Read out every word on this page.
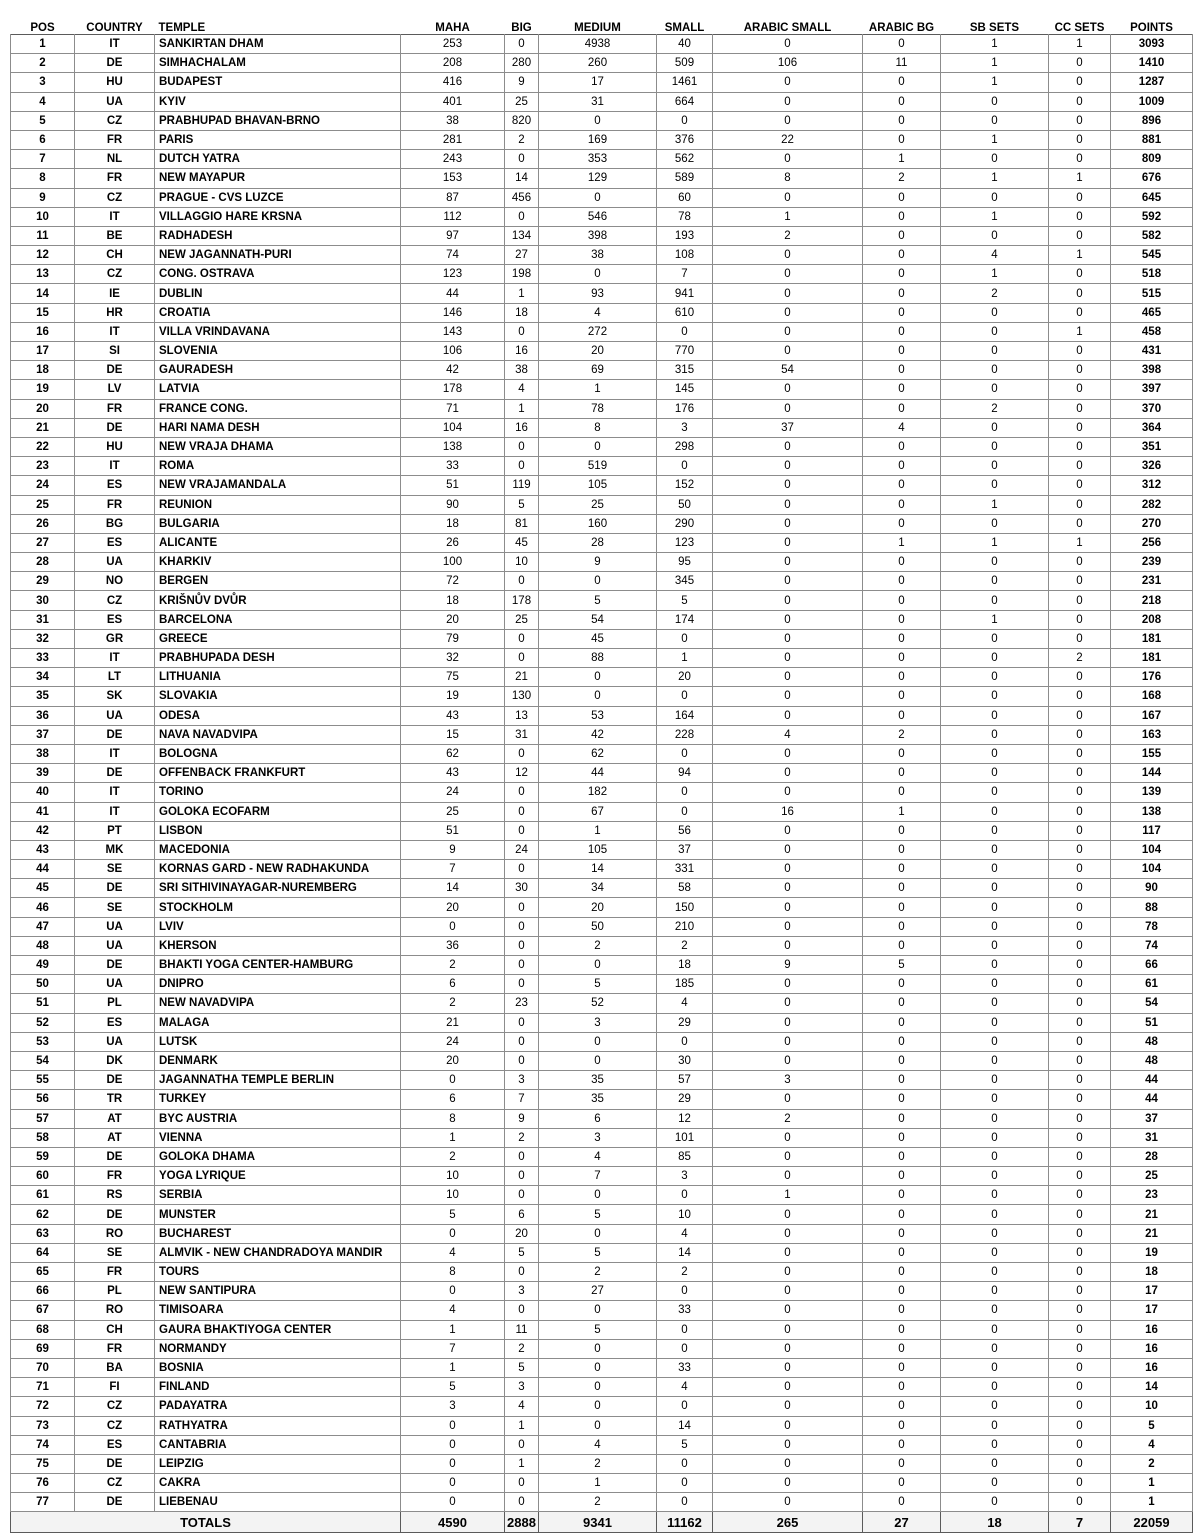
POS	COUNTRY	TEMPLE	MAHA	BIG	MEDIUM	SMALL	ARABIC SMALL	ARABIC BG	SB SETS	CC SETS	POINTS
1	IT	SANKIRTAN DHAM	253	0	4938	40	0	0	1	1	3093
2	DE	SIMHACHALAM	208	280	260	509	106	11	1	0	1410
3	HU	BUDAPEST	416	9	17	1461	0	0	1	0	1287
4	UA	KYIV	401	25	31	664	0	0	0	0	1009
5	CZ	PRABHUPAD BHAVAN-BRNO	38	820	0	0	0	0	0	0	896
6	FR	PARIS	281	2	169	376	22	0	1	0	881
7	NL	DUTCH YATRA	243	0	353	562	0	1	0	0	809
8	FR	NEW MAYAPUR	153	14	129	589	8	2	1	1	676
9	CZ	PRAGUE - CVS LUZCE	87	456	0	60	0	0	0	0	645
10	IT	VILLAGGIO HARE KRSNA	112	0	546	78	1	0	1	0	592
11	BE	RADHADESH	97	134	398	193	2	0	0	0	582
12	CH	NEW JAGANNATH-PURI	74	27	38	108	0	0	4	1	545
13	CZ	CONG. OSTRAVA	123	198	0	7	0	0	1	0	518
14	IE	DUBLIN	44	1	93	941	0	0	2	0	515
15	HR	CROATIA	146	18	4	610	0	0	0	0	465
16	IT	VILLA VRINDAVANA	143	0	272	0	0	0	0	1	458
17	SI	SLOVENIA	106	16	20	770	0	0	0	0	431
18	DE	GAURADESH	42	38	69	315	54	0	0	0	398
19	LV	LATVIA	178	4	1	145	0	0	0	0	397
20	FR	FRANCE CONG.	71	1	78	176	0	0	2	0	370
21	DE	HARI NAMA DESH	104	16	8	3	37	4	0	0	364
22	HU	NEW VRAJA DHAMA	138	0	0	298	0	0	0	0	351
23	IT	ROMA	33	0	519	0	0	0	0	0	326
24	ES	NEW VRAJAMANDALA	51	119	105	152	0	0	0	0	312
25	FR	REUNION	90	5	25	50	0	0	1	0	282
26	BG	BULGARIA	18	81	160	290	0	0	0	0	270
27	ES	ALICANTE	26	45	28	123	0	1	1	1	256
28	UA	KHARKIV	100	10	9	95	0	0	0	0	239
29	NO	BERGEN	72	0	0	345	0	0	0	0	231
30	CZ	KRIŠNŮV DVŮR	18	178	5	5	0	0	0	0	218
31	ES	BARCELONA	20	25	54	174	0	0	1	0	208
32	GR	GREECE	79	0	45	0	0	0	0	0	181
33	IT	PRABHUPADA DESH	32	0	88	1	0	0	0	2	181
34	LT	LITHUANIA	75	21	0	20	0	0	0	0	176
35	SK	SLOVAKIA	19	130	0	0	0	0	0	0	168
36	UA	ODESA	43	13	53	164	0	0	0	0	167
37	DE	NAVA NAVADVIPA	15	31	42	228	4	2	0	0	163
38	IT	BOLOGNA	62	0	62	0	0	0	0	0	155
39	DE	OFFENBACK FRANKFURT	43	12	44	94	0	0	0	0	144
40	IT	TORINO	24	0	182	0	0	0	0	0	139
41	IT	GOLOKA ECOFARM	25	0	67	0	16	1	0	0	138
42	PT	LISBON	51	0	1	56	0	0	0	0	117
43	MK	MACEDONIA	9	24	105	37	0	0	0	0	104
44	SE	KORNAS GARD - NEW RADHAKUNDA	7	0	14	331	0	0	0	0	104
45	DE	SRI SITHIVINAYAGAR-NUREMBERG	14	30	34	58	0	0	0	0	90
46	SE	STOCKHOLM	20	0	20	150	0	0	0	0	88
47	UA	LVIV	0	0	50	210	0	0	0	0	78
48	UA	KHERSON	36	0	2	2	0	0	0	0	74
49	DE	BHAKTI YOGA CENTER-HAMBURG	2	0	0	18	9	5	0	0	66
50	UA	DNIPRO	6	0	5	185	0	0	0	0	61
51	PL	NEW NAVADVIPA	2	23	52	4	0	0	0	0	54
52	ES	MALAGA	21	0	3	29	0	0	0	0	51
53	UA	LUTSK	24	0	0	0	0	0	0	0	48
54	DK	DENMARK	20	0	0	30	0	0	0	0	48
55	DE	JAGANNATHA TEMPLE BERLIN	0	3	35	57	3	0	0	0	44
56	TR	TURKEY	6	7	35	29	0	0	0	0	44
57	AT	BYC AUSTRIA	8	9	6	12	2	0	0	0	37
58	AT	VIENNA	1	2	3	101	0	0	0	0	31
59	DE	GOLOKA DHAMA	2	0	4	85	0	0	0	0	28
60	FR	YOGA LYRIQUE	10	0	7	3	0	0	0	0	25
61	RS	SERBIA	10	0	0	0	1	0	0	0	23
62	DE	MUNSTER	5	6	5	10	0	0	0	0	21
63	RO	BUCHAREST	0	20	0	4	0	0	0	0	21
64	SE	ALMVIK - NEW CHANDRADOYA MANDIR	4	5	5	14	0	0	0	0	19
65	FR	TOURS	8	0	2	2	0	0	0	0	18
66	PL	NEW SANTIPURA	0	3	27	0	0	0	0	0	17
67	RO	TIMISOARA	4	0	0	33	0	0	0	0	17
68	CH	GAURA BHAKTIYOGA CENTER	1	11	5	0	0	0	0	0	16
69	FR	NORMANDY	7	2	0	0	0	0	0	0	16
70	BA	BOSNIA	1	5	0	33	0	0	0	0	16
71	FI	FINLAND	5	3	0	4	0	0	0	0	14
72	CZ	PADAYATRA	3	4	0	0	0	0	0	0	10
73	CZ	RATHYATRA	0	1	0	14	0	0	0	0	5
74	ES	CANTABRIA	0	0	4	5	0	0	0	0	4
75	DE	LEIPZIG	0	1	2	0	0	0	0	0	2
76	CZ	CAKRA	0	0	1	0	0	0	0	0	1
77	DE	LIEBENAU	0	0	2	0	0	0	0	0	1
TOTALS			4590	2888	9341	11162	265	27	18	7	22059
